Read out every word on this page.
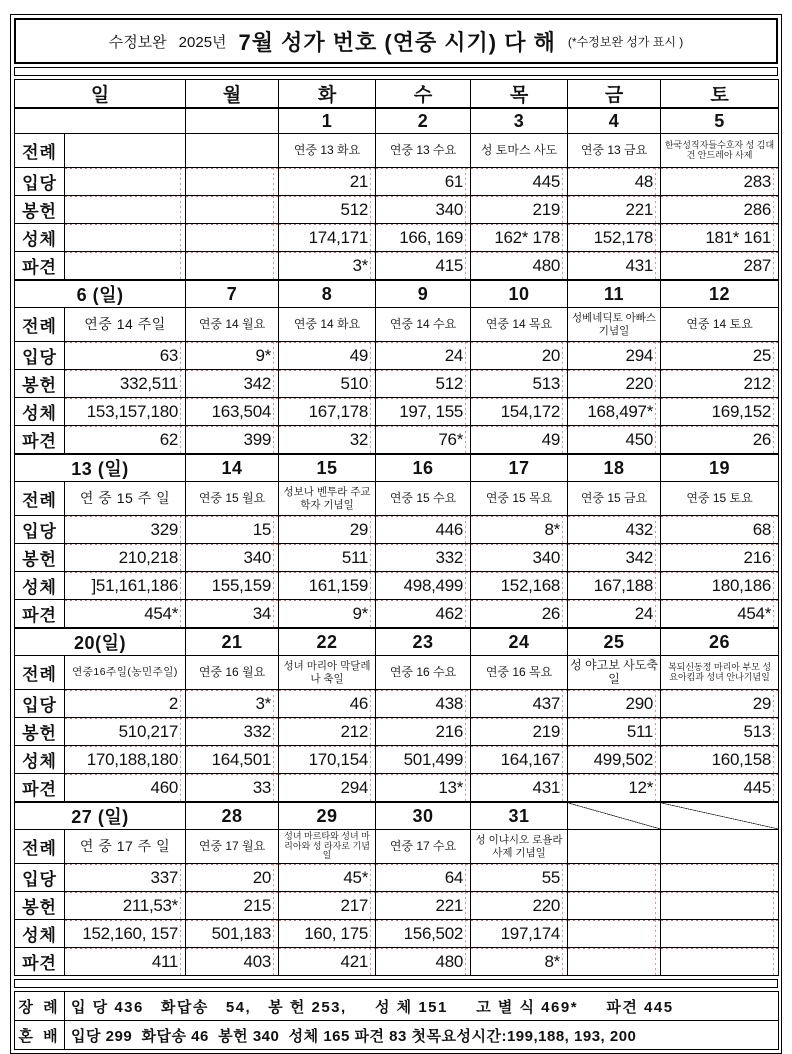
수정보완 2025년 7월 성가 번호 (연중 시기) 다 해 (*수정보완 성가 표시 )
일		월	화	수	목	금	토
			1	2	3	4	5
전례			연중 13 화요	연중 13 수요	성 토마스 사도	연중 13 금요	한국성직자들수호자 성 김대건 안드레아 사제
입당			21	61	445	48	283
봉헌			512	340	219	221	286
성체			174,171	166, 169	162* 178	152,178	181* 161
파견			3*	415	480	431	287
6 (일)		7	8	9	10	11	12
전례	연중 14 주일	연중 14 월요	연중 14 화요	연중 14 수요	연중 14 목요	성베네딕토 아빠스 기념일	연중 14 토요
입당	63	9*	49	24	20	294	25
봉헌	332,511	342	510	512	513	220	212
성체	153,157,180	163,504	167,178	197, 155	154,172	168,497*	169,152
파견	62	399	32	76*	49	450	26
13 (일)		14	15	16	17	18	19
전례	연 중 15 주 일	연중 15 월요	성보나 벤투라 주교학자 기념일	연중 15 수요	연중 15 목요	연중 15 금요	연중 15 토요
입당	329	15	29	446	8*	432	68
봉헌	210,218	340	511	332	340	342	216
성체	]51,161,186	155,159	161,159	498,499	152,168	167,188	180,186
파견	454*	34	9*	462	26	24	454*
20(일)		21	22	23	24	25	26
전례	연중16주일(농민주일)	연중 16 월요	성녀 마리아 막달레나 축일	연중 16 수요	연중 16 목요	성 야고보 사도축일	복되신동정 마리아 부모 성 요아킴과 성녀 안나기념일
입당	2	3*	46	438	437	290	29
봉헌	510,217	332	212	216	219	511	513
성체	170,188,180	164,501	170,154	501,499	164,167	499,502	160,158
파견	460	33	294	13*	431	12*	445
27 (일)		28	29	30	31		
전례	연 중 17 주 일	연중 17 월요	성녀 마르타와 성녀 마리아와 성 라자로 기념일	연중 17 수요	성 이냐시오 로욜라 사제 기념일		
입당	337	20	45*	64	55		
봉헌	211,53*	215	217	221	220		
성체	152,160, 157	501,183	160, 175	156,502	197,174		
파견	411	403	421	480	8*		
장 례	입 당 436   화답송   54,   봉 헌 253,     성 체 151     고 별 식 469*     파견 445
혼 배	입당 299  화답송 46  봉헌 340  성체 165 파견 83 첫목요성시간:199,188, 193, 200
